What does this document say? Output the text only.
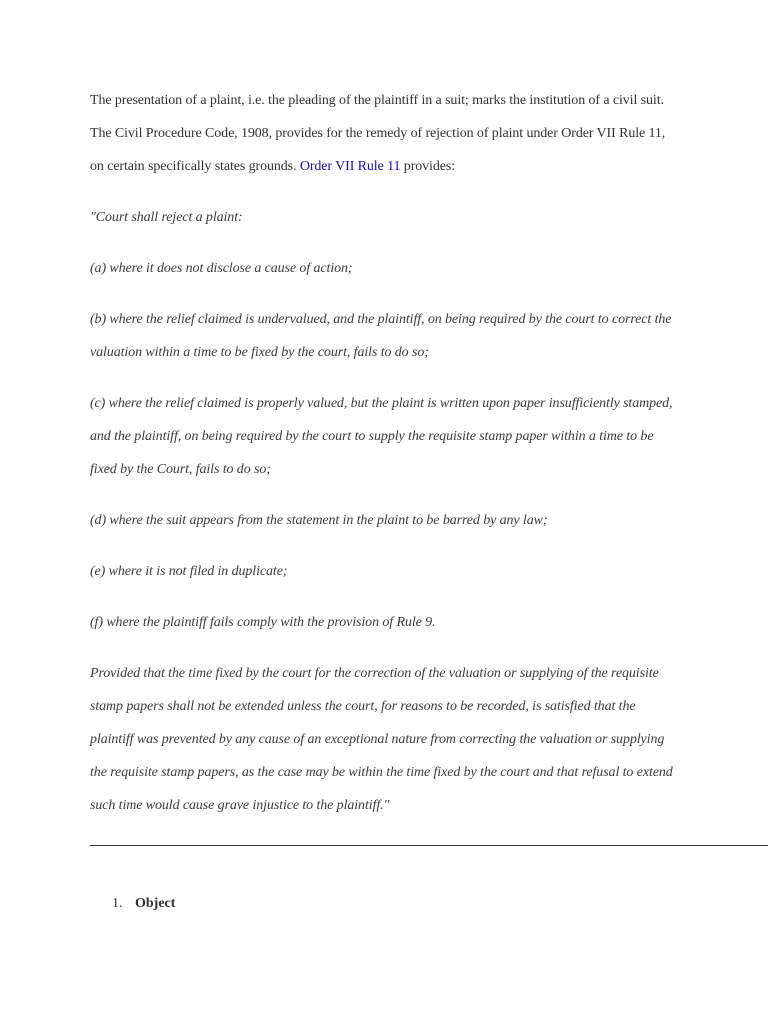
The presentation of a plaint, i.e. the pleading of the plaintiff in a suit; marks the institution of a civil suit.
The Civil Procedure Code, 1908, provides for the remedy of rejection of plaint under Order VII Rule 11,
on certain specifically states grounds. Order VII Rule 11 provides:

"Court shall reject a plaint:

(a) where it does not disclose a cause of action;

(b) where the relief claimed is undervalued, and the plaintiff, on being required by the court to correct the
valuation within a time to be fixed by the court, fails to do so;

(c) where the relief claimed is properly valued, but the plaint is written upon paper insufficiently stamped,
and the plaintiff, on being required by the court to supply the requisite stamp paper within a time to be
fixed by the Court, fails to do so;

(d) where the suit appears from the statement in the plaint to be barred by any law;

(e) where it is not filed in duplicate;

(f) where the plaintiff fails comply with the provision of Rule 9.

Provided that the time fixed by the court for the correction of the valuation or supplying of the requisite
stamp papers shall not be extended unless the court, for reasons to be recorded, is satisfied that the
plaintiff was prevented by any cause of an exceptional nature from correcting the valuation or supplying
the requisite stamp papers, as the case may be within the time fixed by the court and that refusal to extend
such time would cause grave injustice to the plaintiff."

1. Object
